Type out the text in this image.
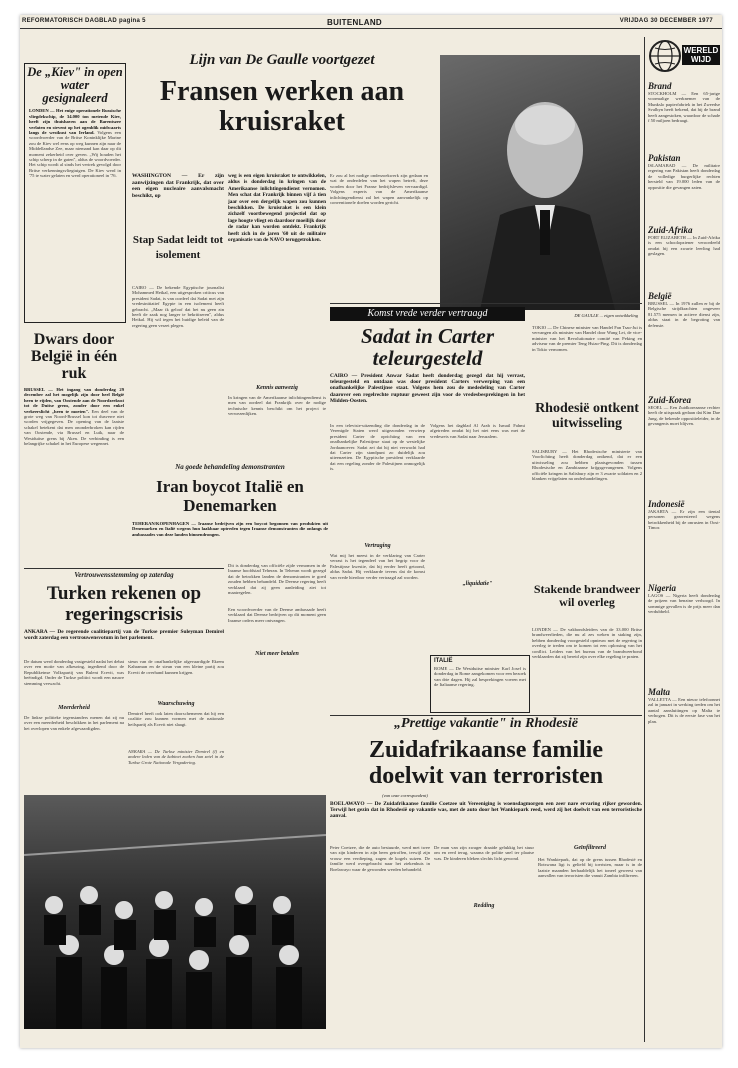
REFORMATORISCH DAGBLAD pagina 5	BUITENLAND	VRIJDAG 30 DECEMBER 1977
De „Kiev" in open water gesignaleerd
LONDEN — Het enige operationele Russische vliegdekschip, de 34.000 ton metende Kiev, heeft zijn thuishaven aan de Barentszee verlaten en stevent op het ogenblik midwaarts langs de westkust van Ierland. Volgens een woordvoerder van de Britse Koninklijke Marine zou de Kiev wel eens op weg kunnen zijn naar de Middellandse Zee, maar niemand kan daar op dit moment zekerheid over geven. „Wij houden het schip scherp in de gaten", aldus de woordvoerder. Het schip wordt al sinds het vertrek gevolgd door Britse verkenningsvliegtuigen. De Kiev werd in '75 te water gelaten en werd operationeel in '76.
Lijn van De Gaulle voortgezet
Fransen werken aan kruisraket
WASHINGTON — Er zijn aanwijzingen dat Frankrijk, dat over een eigen nucleaire aanvalsmacht beschikt, op
weg is een eigen kruisraket te ontwikkelen, aldus is donderdag in kringen van de Amerikaanse inlichtingendienst vernomen. Men schat dat Frankrijk binnen vijf à tien jaar over een dergelijk wapen zou kunnen beschikken. De kruisraket is een klein zichzelf voortbewegend projectiel dat op lage hoogte vliegt en daardoor moeilijk door de radar kan worden ontdekt. Frankrijk heeft zich in de jaren '60 uit de militaire organisatie van de NAVO teruggetrokken.
Er zou al het nodige onderzoekwerk zijn gedaan en wat de onderdelen van het wapen betreft, deze worden door het Franse bedrijfsleven vervaardigd. Volgens experts van de Amerikaanse inlichtingendienst zal het wapen aanvankelijk op conventionele doelen worden gericht.
DE GAULLE ... eigen ontwikkeling
Stap Sadat leidt tot isolement
CAIRO — De bekende Egyptische journalist Mohammed Heikal, een uitgesproken criticus van president Sadat, is van oordeel dat Sadat met zijn vredesinitiatief Egypte in een isolement heeft gebracht. „Maar ik geloof dat het nu geen zin heeft de zaak nog langer te bekritiseren", aldus Heikal. Hij wil tegen het huidige beleid van de regering geen verzet plegen.
Kennis aanwezig
In kringen van de Amerikaanse inlichtingendienst is men van oordeel dat Frankrijk over de nodige technische kennis beschikt om het project te verwezenlijken.
Dwars door België in één ruk
BRUSSEL — Het ingang van donderdag 29 december zal het mogelijk zijn door heel België heen te rijden, van Oostende aan de Noordzeekust tot de Duitse grens, zonder door een enkel verkeerslicht „heen te moeten". Een deel van de grote weg van Noord-Brussel kon tot dusverre niet worden vrijgegeven. De opening van de laatste schakel betekent dat men ononderbroken kan rijden van Oostende, via Brussel en Luik, naar de Westduitse grens bij Aken. De verbinding is een belangrijke schakel in het Europese wegennet.
Komst vrede verder vertraagd
Sadat in Carter teleurgesteld
CAIRO — President Anwar Sadat heeft donderdag gezegd dat hij verrast, teleurgesteld en ontdaan was door president Carters verwerping van een onafhankelijke Palestijnse staat. Volgens hem zou de mededeling van Carter daarover een regelrechte ruptuur geweest zijn voor de vredesbesprekingen in het Midden-Oosten.
In een televisie-uitzending die donderdag in de Verenigde Staten werd uitgezonden verwierp president Carter de oprichting van een onafhankelijke Palestijnse staat op de westelijke Jordaanoever. Sadat zei dat hij niet verwacht had dat Carter zijn standpunt zo duidelijk zou uiteenzetten. De Egyptische president verklaarde dat een regeling zonder de Palestijnen onmogelijk is.
Vertraging
Wat mij het meest in de verklaring van Carter verrast is het tegendeel van het begrip voor de Palestijnse kwestie, dat hij eerder heeft getoond, aldus Sadat. Hij verklaarde tevens dat de komst van vrede hierdoor verder vertraagd zal worden.
„liquidatie"
Volgens het dagblad Al Arab is Ismail Fahmi afgetreden omdat hij het niet eens was met de vredesreis van Sadat naar Jeruzalem.
TOKIO — De Chinese minister van Handel Fan Tsao-Jui is vervangen als minister van Handel door Wang Lei, de vice-minister van het Revolutionaire comité van Peking en adviseur van de premier Teng Hsiao-Ping. Dit is donderdag in Tokio vernomen.
Rhodesië ontkent uitwisseling
SALISBURY — Het Rhodesische ministerie van Voorlichting heeft donderdag ontkend, dat er een uitwisseling zou hebben plaatsgevonden tussen Rhodesische en Zambiaanse krijgsgevangenen. Volgens officiële kringen in Salisbury zijn er 3 zwarte soldaten en 2 blanken vrijgelaten na onderhandelingen.
Stakende brandweer wil overleg
LONDEN — De vakbondsleiders van de 33.000 Britse brandweerlieden, die nu al zes weken in staking zijn, hebben donderdag voorgesteld opnieuw met de regering in overleg te treden om te komen tot een oplossing van het conflict. Leiders van het bureau van de brandweerbond verklaarden dat zij bereid zijn over elke regeling te praten.
Na goede behandeling demonstranten
Iran boycot Italië en Denemarken
TEHERAN/KOPENHAGEN — Iraanse bedrijven zijn een boycot begonnen van produkten uit Denemarken en Italië wegens hun laakbaar optreden tegen Iraanse demonstranten die onlangs de ambassades van deze landen binnendrongen.
Dit is donderdag van officiële zijde vernomen in de Iraanse hoofdstad Teheran. In Teheran wordt gezegd dat de betrokken landen de demonstranten te goed zouden hebben behandeld. De Deense regering heeft verklaard dat zij geen aanleiding ziet tot maatregelen.
Vertrouwensstemming op zaterdag
Turken rekenen op regeringscrisis
ANKARA — De regerende coalitiepartij van de Turkse premier Suleyman Demirel wordt zaterdag een vertrouwensvotum in het parlement.
De datum werd donderdag vastgesteld nadat het debat over een motie van afkeuring, ingediend door de Republikeinse Volkspartij van Bulent Ecevit, was beëindigd. Onder de Turkse politici wordt een nauwe stemming verwacht.
Meerderheid
De linkse politieke tegenstanders menen dat zij nu over een meerderheid beschikken in het parlement na het overlopen van enkele afgevaardigden.
steun van de onafhankelijke afgevaardigde Ekrem Kahraman en de steun van een kleine partij zou Ecevit de overhand kunnen krijgen.
Waarschuwing
Demirel heeft ook laten doorschemeren dat hij een coalitie zou kunnen vormen met de nationale heilspartij als Ecevit niet slaagt.
ANKARA — De Turkse minister Demirel (l) en andere leden van de kabinet zoeken hun zetel in de Turkse Grote Nationale Vergadering.
Niet meer betalen
Een woordvoerder van de Deense ambassade heeft verklaard dat Deense bedrijven op dit moment geen Iraanse orders meer ontvangen.
„Prettige vakantie" in Rhodesië
Zuidafrikaanse familie doelwit van terroristen
(van onze correspondent)
BOELAWAYO — De Zuidafrikaanse familie Coetzee uit Vereeniging is woensdagmorgen een zeer nare ervaring rijker geworden. Terwijl het gezin dat in Rhodesië op vakantie was, met de auto door het Wankiepark reed, werd zij het doelwit van een terroristische aanval.
Peter Coetzee, die de auto bestuurde, werd met twee van zijn kinderen in zijn been getroffen, terwijl zijn vrouw een verdieping, zagen de kogels suizen. De familie werd overgebracht naar het ziekenhuis in Boelawayo waar de gewonden werden behandeld.
Redding
De man van zijn zwager draaide gelukkig het stuur om en reed terug, waarna de politie snel ter plaatse was. De kinderen bleken slechts licht gewond.
Geïnfiltreerd
Het Wankiepark, dat op de grens tussen Rhodesië en Botswana ligt is geliefd bij toeristen, maar is in de laatste maanden herhaaldelijk het toneel geweest van aanvallen van terroristen die vanuit Zambia infiltreren.
ITALIË
ROME — De Westduitse minister Karl Josef is donderdag in Rome aangekomen voor een bezoek van drie dagen. Hij zal besprekingen voeren met de Italiaanse regering.
WERELD WIJD
Brand
STOCKHOLM — Een 65-jarige voormalige werknemer van de Munkslo papierfabriek in het Zweedse Svalbyn heeft bekend, dat hij de brand heeft aangestoken, waardoor de schade f 50 miljoen bedraagt.
Pakistan
ISLAMABAD — De militaire regering van Pakistan heeft donderdag de volledige burgerlijke rechten hersteld van 19.000 leden van de oppositie die gevangen zaten.
Zuid-Afrika
PORT ELIZABETH — In Zuid-Afrika is een schoolopziener veroordeeld omdat hij een zwarte leerling had geslagen.
België
BRUSSEL — In 1976 zullen er bij de Belgische strijdkrachten ongeveer 81.575 mensen in actieve dienst zijn, aldus staat in de begroting van defensie.
Zuid-Korea
SEOEL — Een Zuidkoreaanse rechter heeft de uitspraak gedaan dat Kim Dae Jung, de bekende oppositieleider, in de gevangenis moet blijven.
Indonesië
JAKARTA — Er zijn een tiental personen gearresteerd wegens betrokkenheid bij de onrusten in Oost-Timor.
Nigeria
LAGOS — Nigeria heeft donderdag de prijzen van benzine verhoogd. In sommige gevallen is de prijs meer dan verdubbeld.
Malta
VALLETTA — Een nieuw telefoonnet zal in januari in werking treden om het aantal aansluitingen op Malta te verhogen. Dit is de eerste fase van het plan.
